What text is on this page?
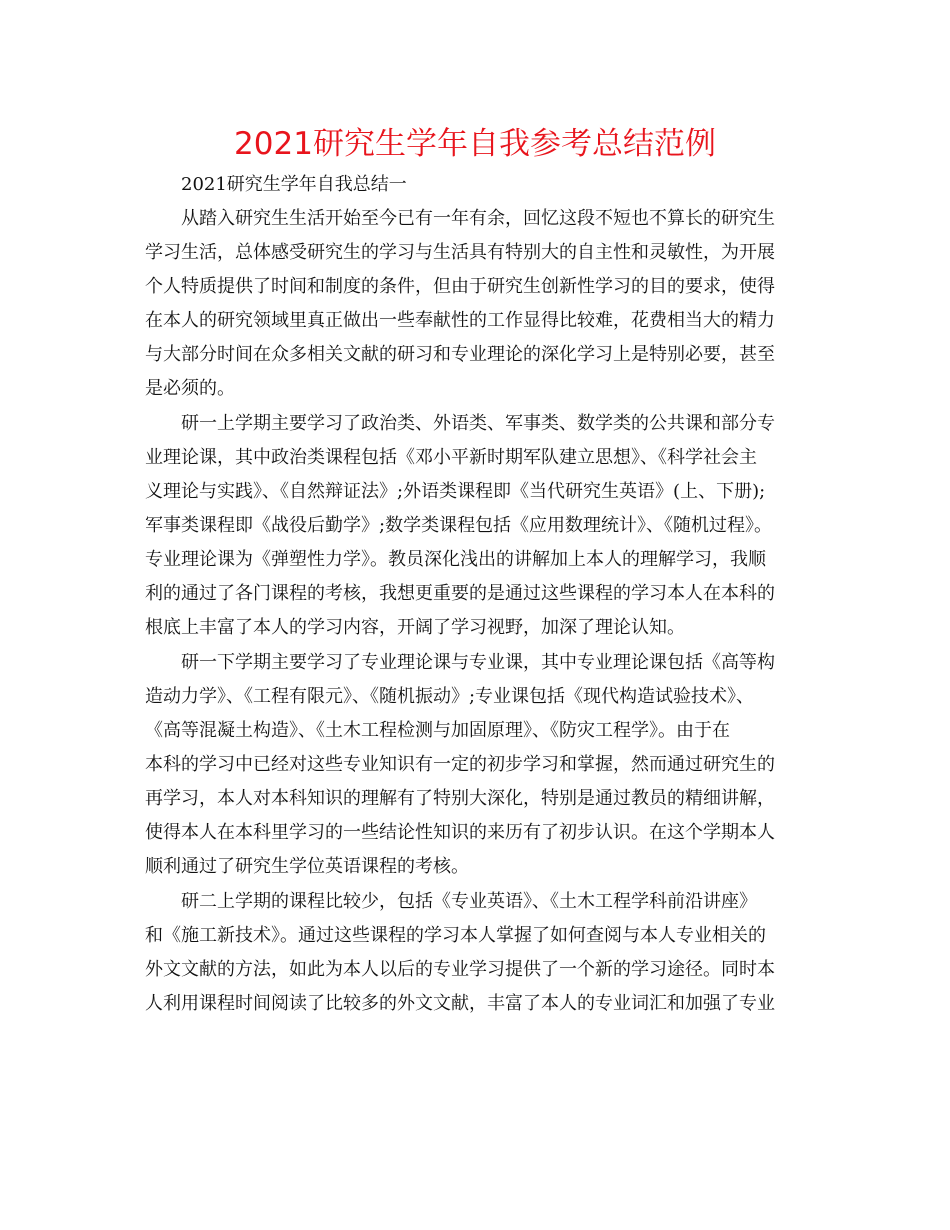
2021研究生学年自我参考总结范例

2021研究生学年自我总结一

从踏入研究生生活开始至今已有一年有余，回忆这段不短也不算长的研究生
学习生活，总体感受研究生的学习与生活具有特别大的自主性和灵敏性，为开展
个人特质提供了时间和制度的条件，但由于研究生创新性学习的目的要求，使得
在本人的研究领域里真正做出一些奉献性的工作显得比较难，花费相当大的精力
与大部分时间在众多相关文献的研习和专业理论的深化学习上是特别必要，甚至
是必须的。

研一上学期主要学习了政治类、外语类、军事类、数学类的公共课和部分专
业理论课，其中政治类课程包括《邓小平新时期军队建立思想》、《科学社会主
义理论与实践》、《自然辩证法》;外语类课程即《当代研究生英语》(上、下册);
军事类课程即《战役后勤学》;数学类课程包括《应用数理统计》、《随机过程》。
专业理论课为《弹塑性力学》。教员深化浅出的讲解加上本人的理解学习，我顺
利的通过了各门课程的考核，我想更重要的是通过这些课程的学习本人在本科的
根底上丰富了本人的学习内容，开阔了学习视野，加深了理论认知。

研一下学期主要学习了专业理论课与专业课，其中专业理论课包括《高等构
造动力学》、《工程有限元》、《随机振动》;专业课包括《现代构造试验技术》、
《高等混凝土构造》、《土木工程检测与加固原理》、《防灾工程学》。由于在
本科的学习中已经对这些专业知识有一定的初步学习和掌握，然而通过研究生的
再学习，本人对本科知识的理解有了特别大深化，特别是通过教员的精细讲解，
使得本人在本科里学习的一些结论性知识的来历有了初步认识。在这个学期本人
顺利通过了研究生学位英语课程的考核。

研二上学期的课程比较少，包括《专业英语》、《土木工程学科前沿讲座》
和《施工新技术》。通过这些课程的学习本人掌握了如何查阅与本人专业相关的
外文文献的方法，如此为本人以后的专业学习提供了一个新的学习途径。同时本
人利用课程时间阅读了比较多的外文文献，丰富了本人的专业词汇和加强了专业
